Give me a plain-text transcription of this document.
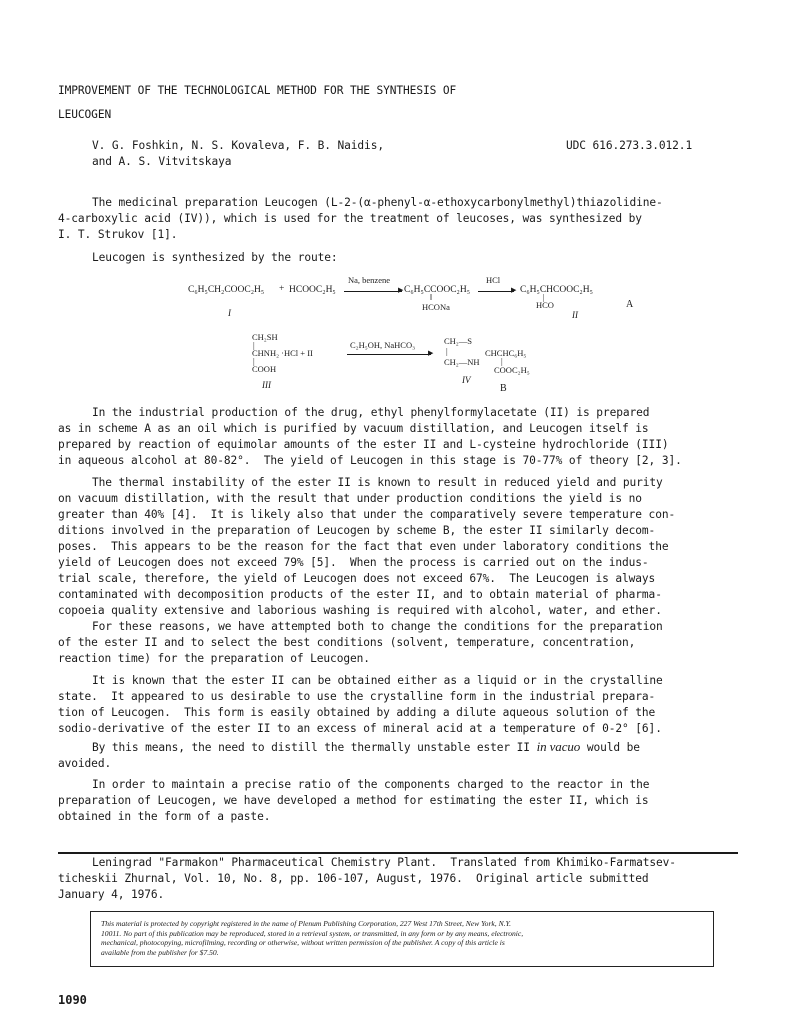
IMPROVEMENT OF THE TECHNOLOGICAL METHOD FOR THE SYNTHESIS OF
LEUCOGEN
V. G. Foshkin, N. S. Kovaleva, F. B. Naidis,
and A. S. Vitvitskaya
UDC 616.273.3.012.1
The medicinal preparation Leucogen (L-2-(α-phenyl-α-ethoxycarbonylmethyl)thiazolidine-
4-carboxylic acid (IV)), which is used for the treatment of leucoses, was synthesized by
I. T. Strukov [1].
Leucogen is synthesized by the route:
C₆H₅CH₂COOC₂H₅ + HCOOC₂H₅
Na, benzene
▶ C₆H₅CCOOC₂H₅
‖
HCONa
HCl
▶ C₆H₅CHCOOC₂H₅
|
HCO
I	II
A
CH₂SH
|
CHNH₂ ·HCl + II
|
COOH
III
C₂H₅OH, NaHCO₃
▶
CH₂—S
|	CHCHC₆H₅
CH₂—NH	|
COOC₂H₅
IV
B
In the industrial production of the drug, ethyl phenylformylacetate (II) is prepared
as in scheme A as an oil which is purified by vacuum distillation, and Leucogen itself is
prepared by reaction of equimolar amounts of the ester II and L-cysteine hydrochloride (III)
in aqueous alcohol at 80-82°.  The yield of Leucogen in this stage is 70-77% of theory [2, 3].
The thermal instability of the ester II is known to result in reduced yield and purity
on vacuum distillation, with the result that under production conditions the yield is no
greater than 40% [4].  It is likely also that under the comparatively severe temperature con-
ditions involved in the preparation of Leucogen by scheme B, the ester II similarly decom-
poses.  This appears to be the reason for the fact that even under laboratory conditions the
yield of Leucogen does not exceed 79% [5].  When the process is carried out on the indus-
trial scale, therefore, the yield of Leucogen does not exceed 67%.  The Leucogen is always
contaminated with decomposition products of the ester II, and to obtain material of pharma-
copoeia quality extensive and laborious washing is required with alcohol, water, and ether.
For these reasons, we have attempted both to change the conditions for the preparation
of the ester II and to select the best conditions (solvent, temperature, concentration,
reaction time) for the preparation of Leucogen.
It is known that the ester II can be obtained either as a liquid or in the crystalline
state.  It appeared to us desirable to use the crystalline form in the industrial prepara-
tion of Leucogen.  This form is easily obtained by adding a dilute aqueous solution of the
sodio-derivative of the ester II to an excess of mineral acid at a temperature of 0-2° [6].
By this means, the need to distill the thermally unstable ester II in vacuo would be
avoided.
In order to maintain a precise ratio of the components charged to the reactor in the
preparation of Leucogen, we have developed a method for estimating the ester II, which is
obtained in the form of a paste.
Leningrad "Farmakon" Pharmaceutical Chemistry Plant.  Translated from Khimiko-Farmatsev-
ticheskii Zhurnal, Vol. 10, No. 8, pp. 106-107, August, 1976.  Original article submitted
January 4, 1976.
This material is protected by copyright registered in the name of Plenum Publishing Corporation, 227 West 17th Street, New York, N.Y.
10011. No part of this publication may be reproduced, stored in a retrieval system, or transmitted, in any form or by any means, electronic,
mechanical, photocopying, microfilming, recording or otherwise, without written permission of the publisher. A copy of this article is
available from the publisher for $7.50.
1090
